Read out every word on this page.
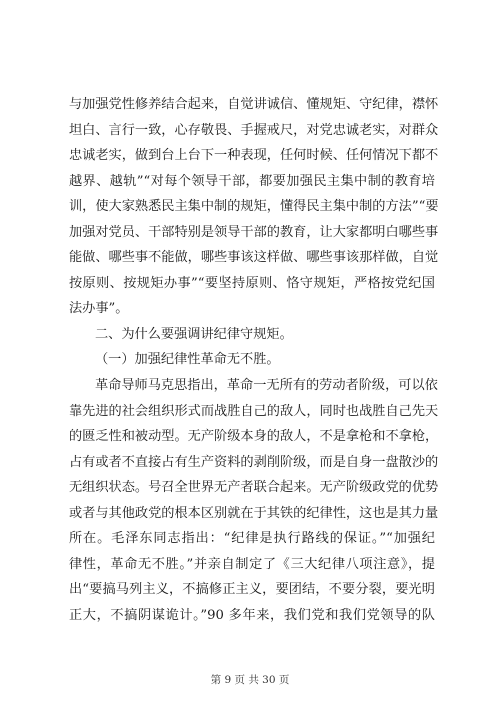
与加强党性修养结合起来，自觉讲诚信、懂规矩、守纪律，襟怀
坦白、言行一致，心存敬畏、手握戒尺，对党忠诚老实，对群众
忠诚老实，做到台上台下一种表现，任何时候、任何情况下都不
越界、越轨”“对每个领导干部，都要加强民主集中制的教育培
训，使大家熟悉民主集中制的规矩，懂得民主集中制的方法”“要
加强对党员、干部特别是领导干部的教育，让大家都明白哪些事
能做、哪些事不能做，哪些事该这样做、哪些事该那样做，自觉
按原则、按规矩办事”“要坚持原则、恪守规矩，严格按党纪国
法办事”。
二、为什么要强调讲纪律守规矩。
（一）加强纪律性革命无不胜。
革命导师马克思指出，革命一无所有的劳动者阶级，可以依
靠先进的社会组织形式而战胜自己的敌人，同时也战胜自己先天
的匮乏性和被动型。无产阶级本身的敌人，不是拿枪和不拿枪，
占有或者不直接占有生产资料的剥削阶级，而是自身一盘散沙的
无组织状态。号召全世界无产者联合起来。无产阶级政党的优势
或者与其他政党的根本区别就在于其铁的纪律性，这也是其力量
所在。毛泽东同志指出：“纪律是执行路线的保证。”“加强纪
律性，革命无不胜。”并亲自制定了《三大纪律八项注意》，提
出“要搞马列主义，不搞修正主义，要团结，不要分裂，要光明
正大，不搞阴谋诡计。”90 多年来，我们党和我们党领导的队
第 9 页 共 30 页
